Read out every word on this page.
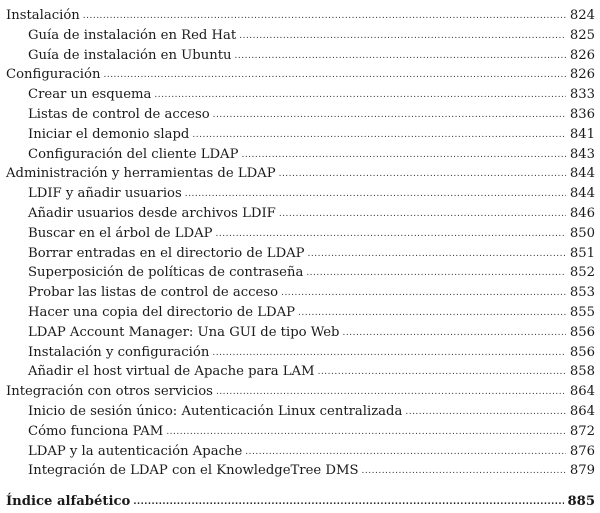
Instalación .....	824
Guía de instalación en Red Hat .....	825
Guía de instalación en Ubuntu .....	826
Configuración .....	826
Crear un esquema .....	833
Listas de control de acceso .....	836
Iniciar el demonio slapd .....	841
Configuración del cliente LDAP .....	843
Administración y herramientas de LDAP .....	844
LDIF y añadir usuarios .....	844
Añadir usuarios desde archivos LDIF .....	846
Buscar en el árbol de LDAP .....	850
Borrar entradas en el directorio de LDAP .....	851
Superposición de políticas de contraseña .....	852
Probar las listas de control de acceso .....	853
Hacer una copia del directorio de LDAP .....	855
LDAP Account Manager: Una GUI de tipo Web .....	856
Instalación y configuración .....	856
Añadir el host virtual de Apache para LAM .....	858
Integración con otros servicios .....	864
Inicio de sesión único: Autenticación Linux centralizada .....	864
Cómo funciona PAM .....	872
LDAP y la autenticación Apache .....	876
Integración de LDAP con el KnowledgeTree DMS .....	879
Índice alfabético .....	885
